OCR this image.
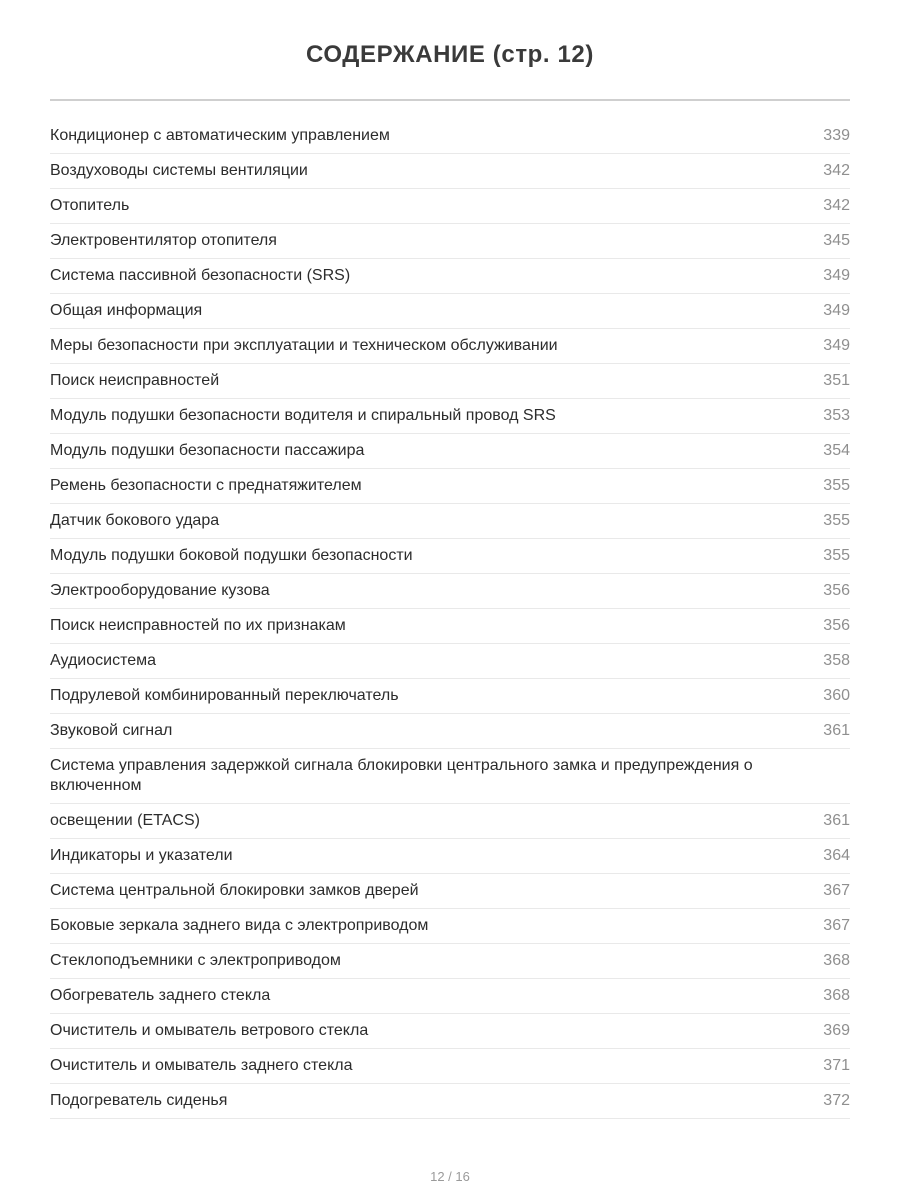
СОДЕРЖАНИЕ (стр. 12)
Кондиционер с автоматическим управлением	339
Воздуховоды системы вентиляции	342
Отопитель	342
Электровентилятор отопителя	345
Система пассивной безопасности (SRS)	349
Общая информация	349
Меры безопасности при эксплуатации и техническом обслуживании	349
Поиск неисправностей	351
Модуль подушки безопасности водителя и спиральный провод SRS	353
Модуль подушки безопасности пассажира	354
Ремень безопасности с преднатяжителем	355
Датчик бокового удара	355
Модуль подушки боковой подушки безопасности	355
Электрооборудование кузова	356
Поиск неисправностей по их признакам	356
Аудиосистема	358
Подрулевой комбинированный переключатель	360
Звуковой сигнал	361
Система управления задержкой сигнала блокировки центрального замка и предупреждения о включенном
освещении (ETACS)	361
Индикаторы и указатели	364
Система центральной блокировки замков дверей	367
Боковые зеркала заднего вида с электроприводом	367
Стеклоподъемники с электроприводом	368
Обогреватель заднего стекла	368
Очиститель и омыватель ветрового стекла	369
Очиститель и омыватель заднего стекла	371
Подогреватель сиденья	372
12 / 16
